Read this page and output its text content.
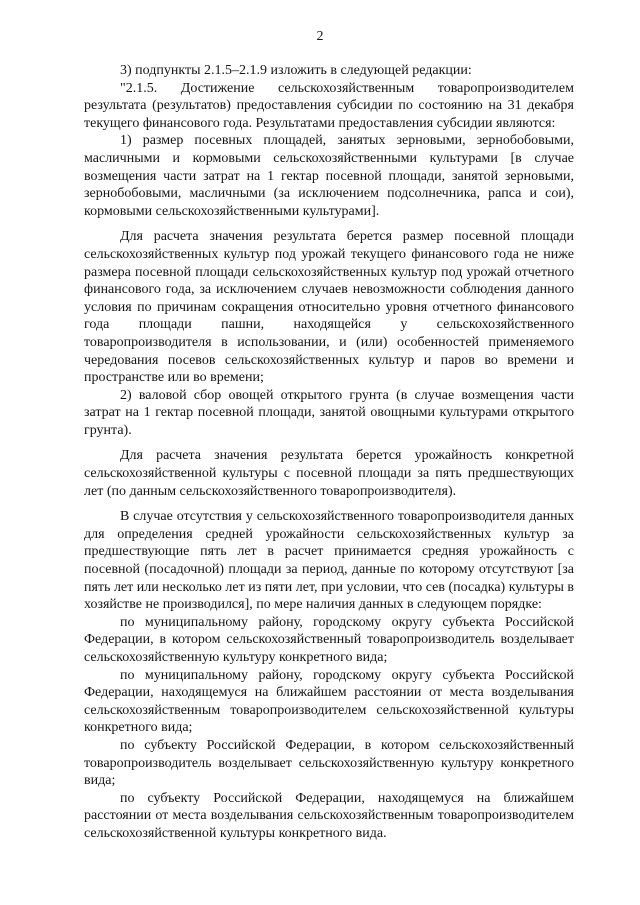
2

3) подпункты 2.1.5–2.1.9 изложить в следующей редакции:

"2.1.5. Достижение сельскохозяйственным товаропроизводителем результата (результатов) предоставления субсидии по состоянию на 31 декабря текущего финансового года. Результатами предоставления субсидии являются:

1) размер посевных площадей, занятых зерновыми, зернобобовыми, масличными и кормовыми сельскохозяйственными культурами [в случае возмещения части затрат на 1 гектар посевной площади, занятой зерновыми, зернобобовыми, масличными (за исключением подсолнечника, рапса и сои), кормовыми сельскохозяйственными культурами].

Для расчета значения результата берется размер посевной площади сельскохозяйственных культур под урожай текущего финансового года не ниже размера посевной площади сельскохозяйственных культур под урожай отчетного финансового года, за исключением случаев невозможности соблюдения данного условия по причинам сокращения относительно уровня отчетного финансового года площади пашни, находящейся у сельскохозяйственного товаропроизводителя в использовании, и (или) особенностей применяемого чередования посевов сельскохозяйственных культур и паров во времени и пространстве или во времени;

2) валовой сбор овощей открытого грунта (в случае возмещения части затрат на 1 гектар посевной площади, занятой овощными культурами открытого грунта).

Для расчета значения результата берется урожайность конкретной сельскохозяйственной культуры с посевной площади за пять предшествующих лет (по данным сельскохозяйственного товаропроизводителя).

В случае отсутствия у сельскохозяйственного товаропроизводителя данных для определения средней урожайности сельскохозяйственных культур за предшествующие пять лет в расчет принимается средняя урожайность с посевной (посадочной) площади за период, данные по которому отсутствуют [за пять лет или несколько лет из пяти лет, при условии, что сев (посадка) культуры в хозяйстве не производился], по мере наличия данных в следующем порядке:

по муниципальному району, городскому округу субъекта Российской Федерации, в котором сельскохозяйственный товаропроизводитель возделывает сельскохозяйственную культуру конкретного вида;

по муниципальному району, городскому округу субъекта Российской Федерации, находящемуся на ближайшем расстоянии от места возделывания сельскохозяйственным товаропроизводителем сельскохозяйственной культуры конкретного вида;

по субъекту Российской Федерации, в котором сельскохозяйственный товаропроизводитель возделывает сельскохозяйственную культуру конкретного вида;

по субъекту Российской Федерации, находящемуся на ближайшем расстоянии от места возделывания сельскохозяйственным товаропроизводителем сельскохозяйственной культуры конкретного вида.
